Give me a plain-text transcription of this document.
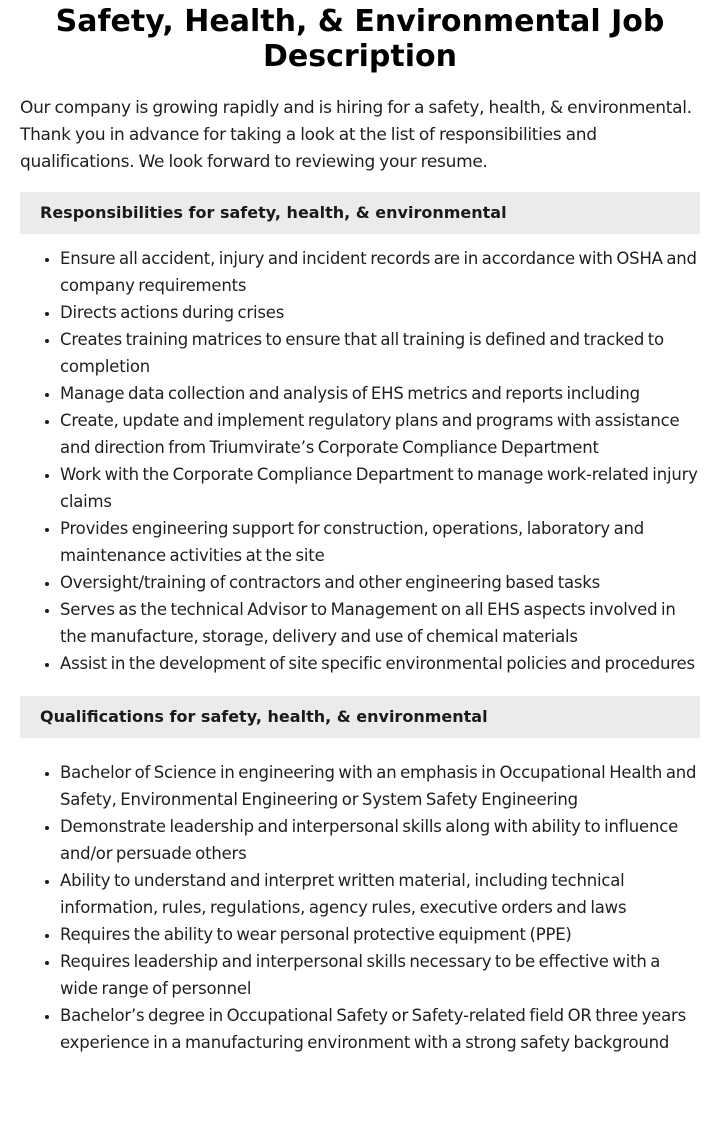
Safety, Health, & Environmental Job Description

Our company is growing rapidly and is hiring for a safety, health, & environmental. Thank you in advance for taking a look at the list of responsibilities and qualifications. We look forward to reviewing your resume.

Responsibilities for safety, health, & environmental
• Ensure all accident, injury and incident records are in accordance with OSHA and company requirements
• Directs actions during crises
• Creates training matrices to ensure that all training is defined and tracked to completion
• Manage data collection and analysis of EHS metrics and reports including
• Create, update and implement regulatory plans and programs with assistance and direction from Triumvirate’s Corporate Compliance Department
• Work with the Corporate Compliance Department to manage work-related injury claims
• Provides engineering support for construction, operations, laboratory and maintenance activities at the site
• Oversight/training of contractors and other engineering based tasks
• Serves as the technical Advisor to Management on all EHS aspects involved in the manufacture, storage, delivery and use of chemical materials
• Assist in the development of site specific environmental policies and procedures
Qualifications for safety, health, & environmental
• Bachelor of Science in engineering with an emphasis in Occupational Health and Safety, Environmental Engineering or System Safety Engineering
• Demonstrate leadership and interpersonal skills along with ability to influence and/or persuade others
• Ability to understand and interpret written material, including technical information, rules, regulations, agency rules, executive orders and laws
• Requires the ability to wear personal protective equipment (PPE)
• Requires leadership and interpersonal skills necessary to be effective with a wide range of personnel
• Bachelor’s degree in Occupational Safety or Safety-related field OR three years experience in a manufacturing environment with a strong safety background
